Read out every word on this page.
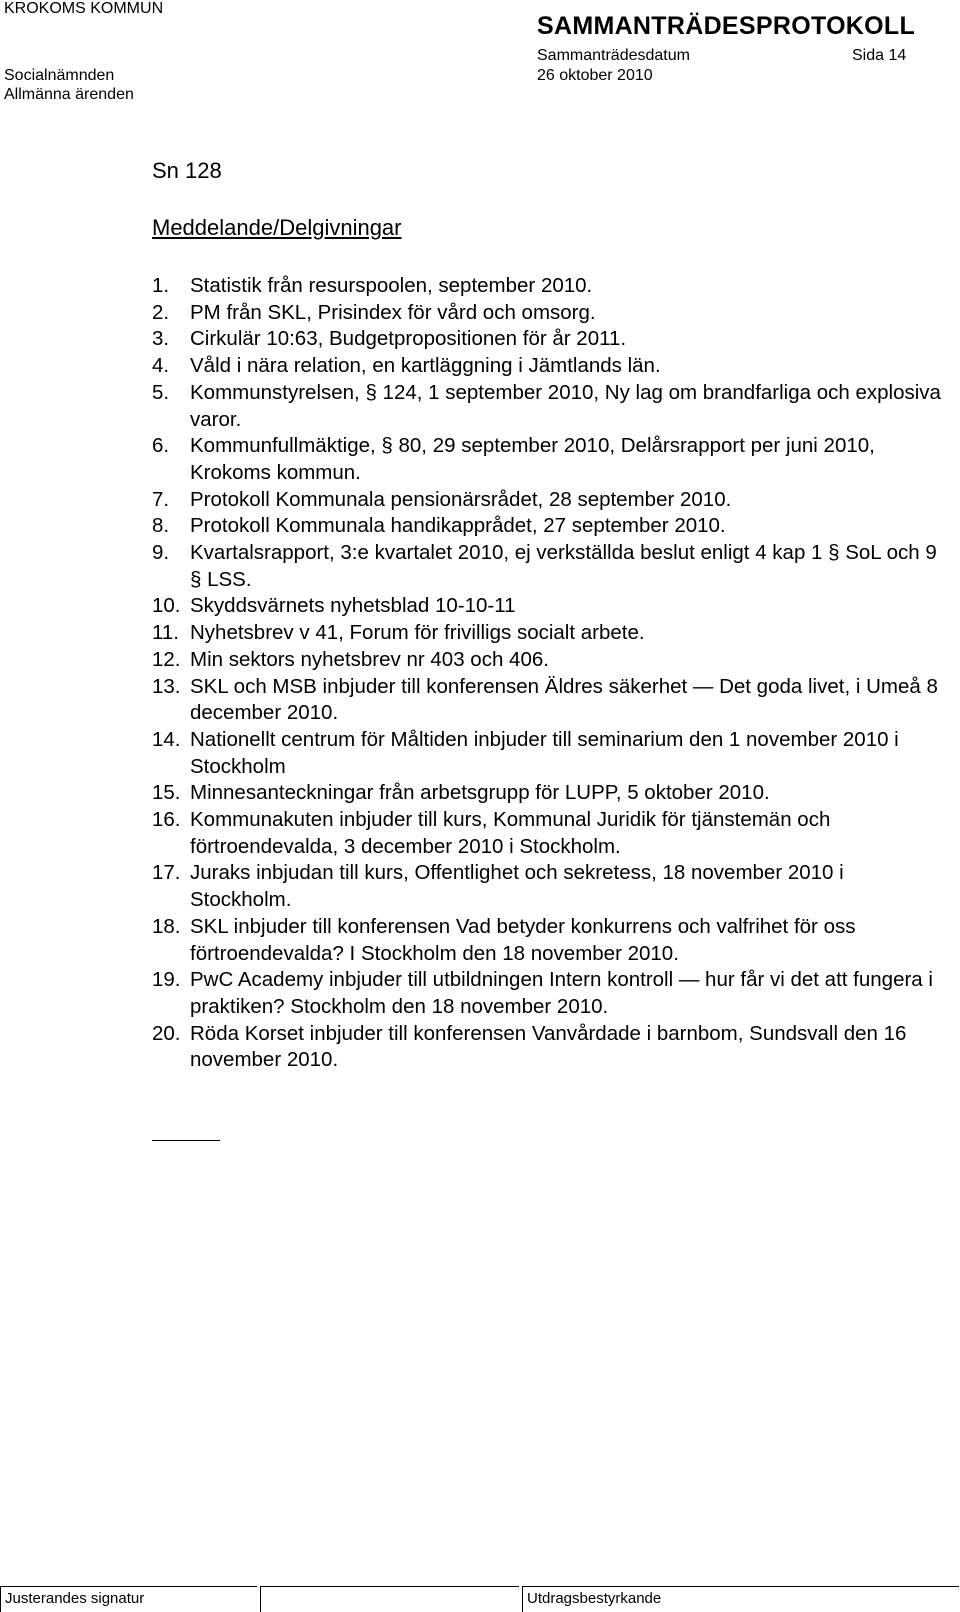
KROKOMS KOMMUN
SAMMANTRÄDESPROTOKOLL
Sammanträdesdatum	Sida 14
Socialnämnden	26 oktober 2010
Allmänna ärenden
Sn 128
Meddelande/Delgivningar
1.	Statistik från resurspoolen, september 2010.
2.	PM från SKL, Prisindex för vård och omsorg.
3.	Cirkulär 10:63, Budgetpropositionen för år 2011.
4.	Våld i nära relation, en kartläggning i Jämtlands län.
5.	Kommunstyrelsen, § 124, 1 september 2010, Ny lag om brandfarliga och explosiva varor.
6.	Kommunfullmäktige, § 80, 29 september 2010, Delårsrapport per juni 2010, Krokoms kommun.
7.	Protokoll Kommunala pensionärsrådet, 28 september 2010.
8.	Protokoll Kommunala handikapprådet, 27 september 2010.
9.	Kvartalsrapport, 3:e kvartalet 2010, ej verkställda beslut enligt 4 kap 1 § SoL och 9 § LSS.
10. Skyddsvärnets nyhetsblad 10-10-11
11. Nyhetsbrev v 41, Forum för frivilligs socialt arbete.
12. Min sektors nyhetsbrev nr 403 och 406.
13. SKL och MSB inbjuder till konferensen Äldres säkerhet — Det goda livet, i Umeå 8 december 2010.
14. Nationellt centrum för Måltiden inbjuder till seminarium den 1 november 2010 i Stockholm
15. Minnesanteckningar från arbetsgrupp för LUPP, 5 oktober 2010.
16. Kommunakuten inbjuder till kurs, Kommunal Juridik för tjänstemän och förtroendevalda, 3 december 2010 i Stockholm.
17. Juraks inbjudan till kurs, Offentlighet och sekretess, 18 november 2010 i Stockholm.
18. SKL inbjuder till konferensen Vad betyder konkurrens och valfrihet för oss förtroendevalda? I Stockholm den 18 november 2010.
19. PwC Academy inbjuder till utbildningen Intern kontroll — hur får vi det att fungera i praktiken? Stockholm den 18 november 2010.
20. Röda Korset inbjuder till konferensen Vanvårdade i barnbom, Sundsvall den 16 november 2010.
Justerandes signatur	Utdragsbestyrkande
